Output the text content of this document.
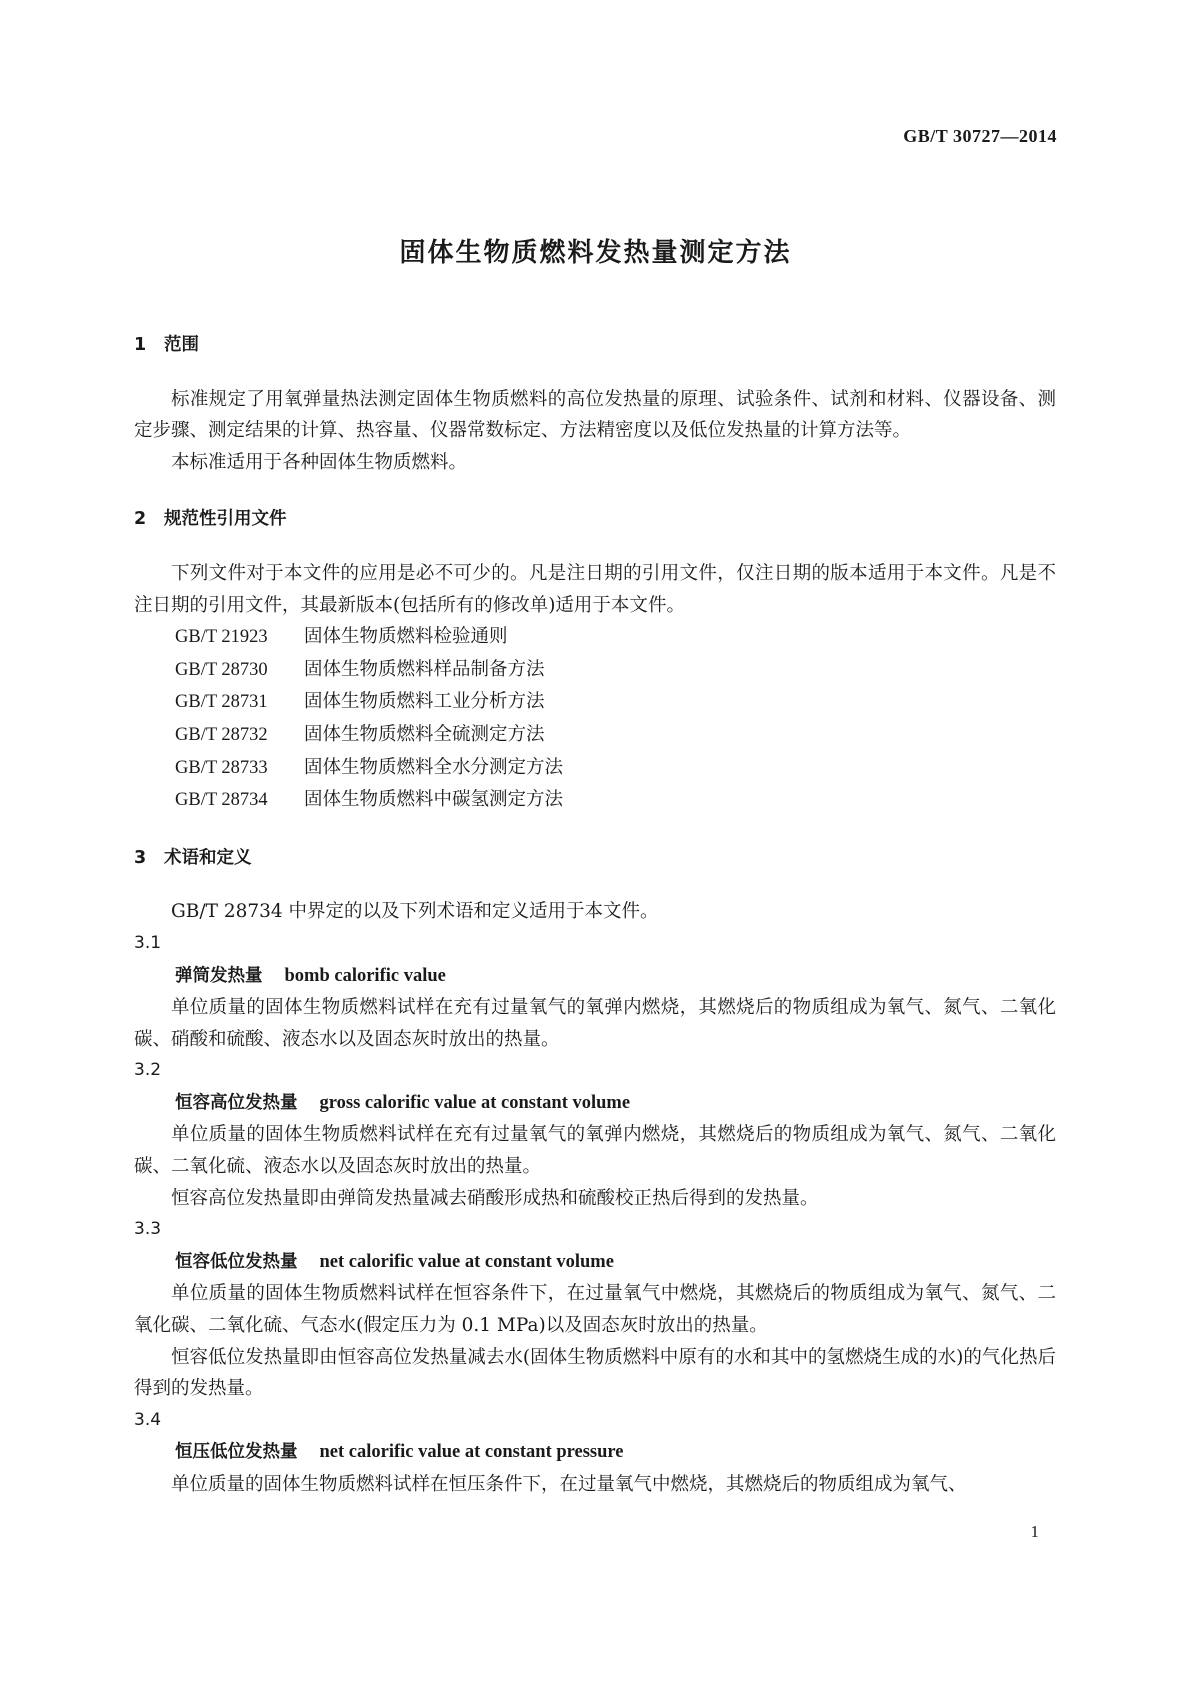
GB/T 30727—2014
固体生物质燃料发热量测定方法
1 范围

标准规定了用氧弹量热法测定固体生物质燃料的高位发热量的原理、试验条件、试剂和材料、仪器设备、测定步骤、测定结果的计算、热容量、仪器常数标定、方法精密度以及低位发热量的计算方法等。

本标准适用于各种固体生物质燃料。

2 规范性引用文件

下列文件对于本文件的应用是必不可少的。凡是注日期的引用文件，仅注日期的版本适用于本文件。凡是不注日期的引用文件，其最新版本(包括所有的修改单)适用于本文件。

GB/T 21923 固体生物质燃料检验通则
GB/T 28730 固体生物质燃料样品制备方法
GB/T 28731 固体生物质燃料工业分析方法
GB/T 28732 固体生物质燃料全硫测定方法
GB/T 28733 固体生物质燃料全水分测定方法
GB/T 28734 固体生物质燃料中碳氢测定方法
3 术语和定义

GB/T 28734 中界定的以及下列术语和定义适用于本文件。

3.1
弹筒发热量 bomb calorific value

单位质量的固体生物质燃料试样在充有过量氧气的氧弹内燃烧，其燃烧后的物质组成为氧气、氮气、二氧化碳、硝酸和硫酸、液态水以及固态灰时放出的热量。

3.2
恒容高位发热量 gross calorific value at constant volume

单位质量的固体生物质燃料试样在充有过量氧气的氧弹内燃烧，其燃烧后的物质组成为氧气、氮气、二氧化碳、二氧化硫、液态水以及固态灰时放出的热量。

恒容高位发热量即由弹筒发热量减去硝酸形成热和硫酸校正热后得到的发热量。

3.3
恒容低位发热量 net calorific value at constant volume

单位质量的固体生物质燃料试样在恒容条件下，在过量氧气中燃烧，其燃烧后的物质组成为氧气、氮气、二氧化碳、二氧化硫、气态水(假定压力为 0.1 MPa)以及固态灰时放出的热量。

恒容低位发热量即由恒容高位发热量减去水(固体生物质燃料中原有的水和其中的氢燃烧生成的水)的气化热后得到的发热量。

3.4
恒压低位发热量 net calorific value at constant pressure

单位质量的固体生物质燃料试样在恒压条件下，在过量氧气中燃烧，其燃烧后的物质组成为氧气、

1
